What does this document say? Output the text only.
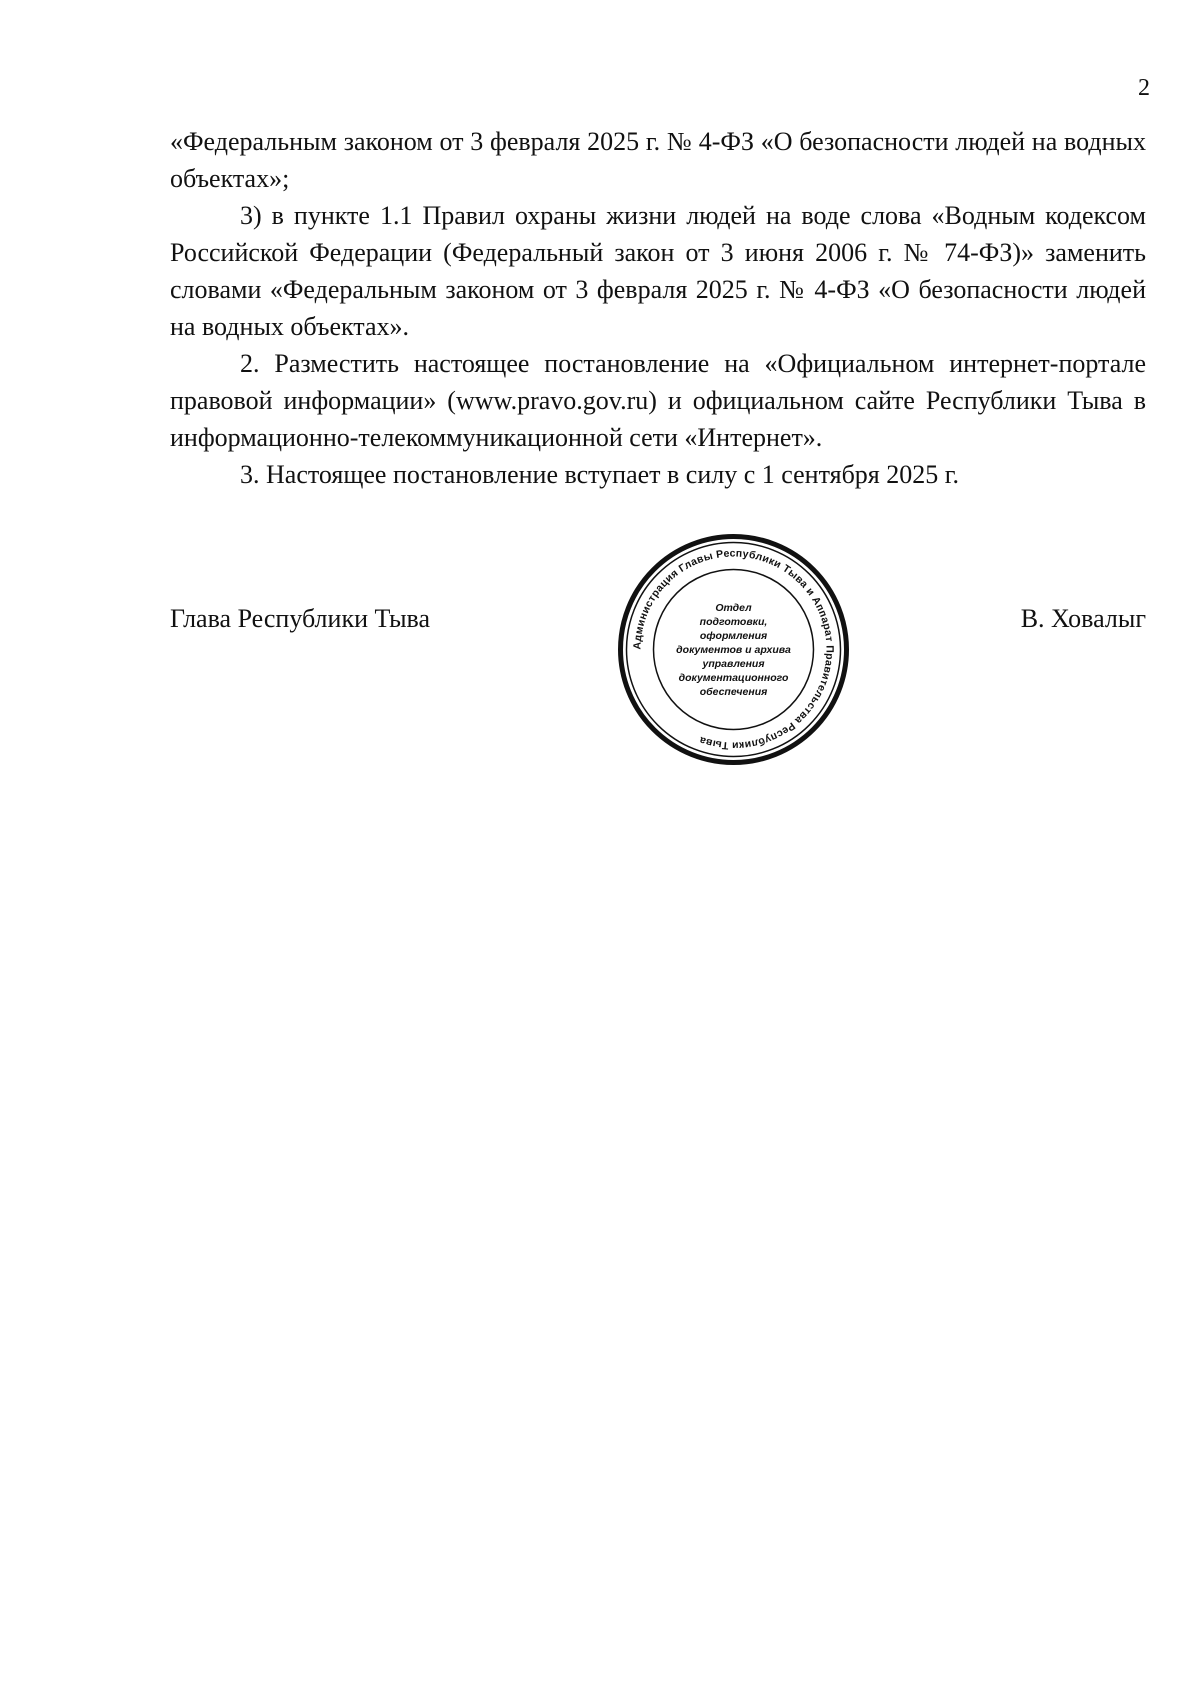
2

«Федеральным законом от 3 февраля 2025 г. № 4-ФЗ «О безопасности людей на водных объектах»;

3) в пункте 1.1 Правил охраны жизни людей на воде слова «Водным кодексом Российской Федерации (Федеральный закон от 3 июня 2006 г. № 74-ФЗ)» заменить словами «Федеральным законом от 3 февраля 2025 г. № 4-ФЗ «О безопасности людей на водных объектах».

2. Разместить настоящее постановление на «Официальном интернет-портале правовой информации» (www.pravo.gov.ru) и официальном сайте Республики Тыва в информационно-телекоммуникационной сети «Интернет».

3. Настоящее постановление вступает в силу с 1 сентября 2025 г.

Глава Республики Тыва	В. Ховалыг
Администрация Главы Республики Тыва и Аппарат Правительства Республики Тыва
Отдел
подготовки,
оформления
документов и архива
управления
документационного
обеспечения
